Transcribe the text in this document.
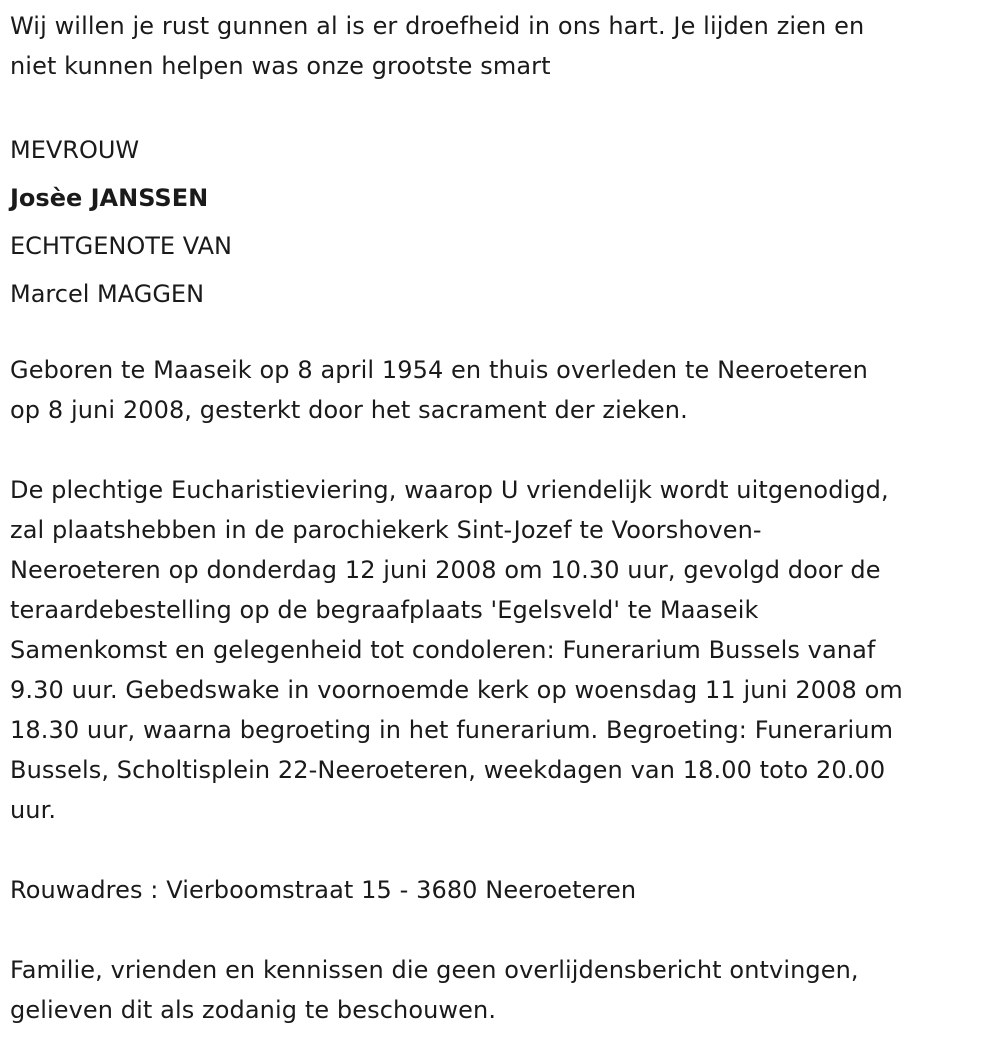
Wij willen je rust gunnen al is er droefheid in ons hart. Je lijden zien en
niet kunnen helpen was onze grootste smart
MEVROUW
Josèe JANSSEN
ECHTGENOTE VAN
Marcel MAGGEN
Geboren te Maaseik op 8 april 1954 en thuis overleden te Neeroeteren
op 8 juni 2008, gesterkt door het sacrament der zieken.
De plechtige Eucharistieviering, waarop U vriendelijk wordt uitgenodigd,
zal plaatshebben in de parochiekerk Sint-Jozef te Voorshoven-
Neeroeteren op donderdag 12 juni 2008 om 10.30 uur, gevolgd door de
teraardebestelling op de begraafplaats 'Egelsveld' te Maaseik
Samenkomst en gelegenheid tot condoleren: Funerarium Bussels vanaf
9.30 uur. Gebedswake in voornoemde kerk op woensdag 11 juni 2008 om
18.30 uur, waarna begroeting in het funerarium. Begroeting: Funerarium
Bussels, Scholtisplein 22-Neeroeteren, weekdagen van 18.00 toto 20.00
uur.
Rouwadres : Vierboomstraat 15 - 3680 Neeroeteren
Familie, vrienden en kennissen die geen overlijdensbericht ontvingen,
gelieven dit als zodanig te beschouwen.
